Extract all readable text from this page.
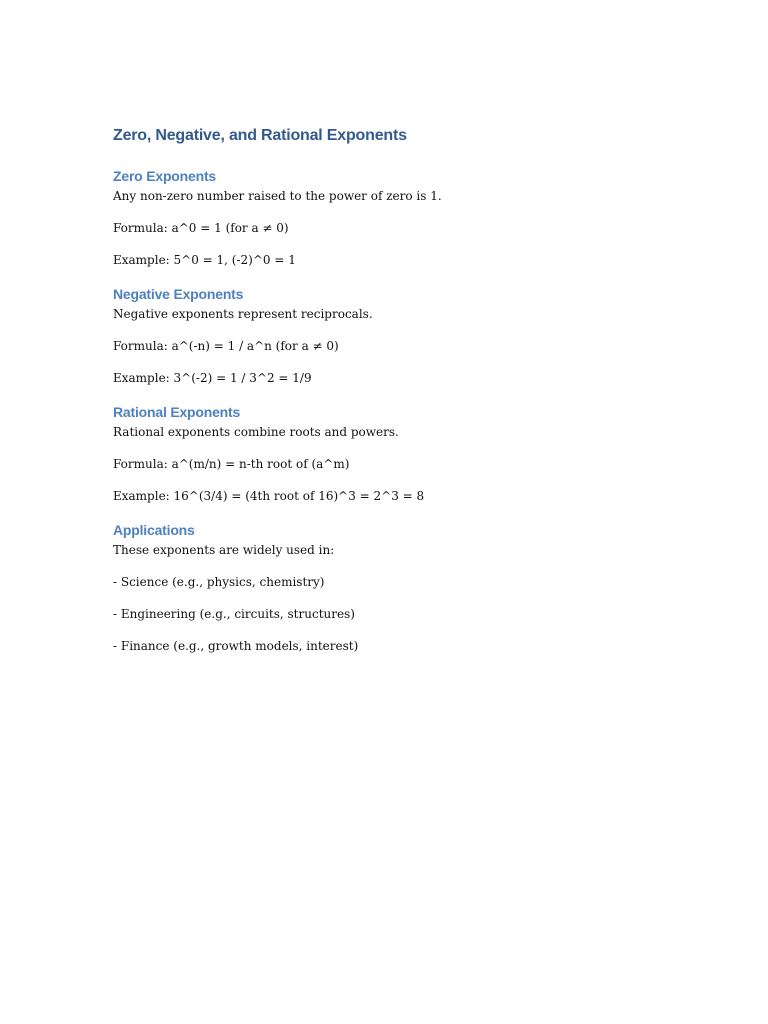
Zero, Negative, and Rational Exponents
Zero Exponents

Any non-zero number raised to the power of zero is 1.

Formula: a^0 = 1 (for a ≠ 0)

Example: 5^0 = 1, (-2)^0 = 1

Negative Exponents

Negative exponents represent reciprocals.

Formula: a^(-n) = 1 / a^n (for a ≠ 0)

Example: 3^(-2) = 1 / 3^2 = 1/9

Rational Exponents

Rational exponents combine roots and powers.

Formula: a^(m/n) = n-th root of (a^m)

Example: 16^(3/4) = (4th root of 16)^3 = 2^3 = 8

Applications

These exponents are widely used in:

- Science (e.g., physics, chemistry)

- Engineering (e.g., circuits, structures)

- Finance (e.g., growth models, interest)
